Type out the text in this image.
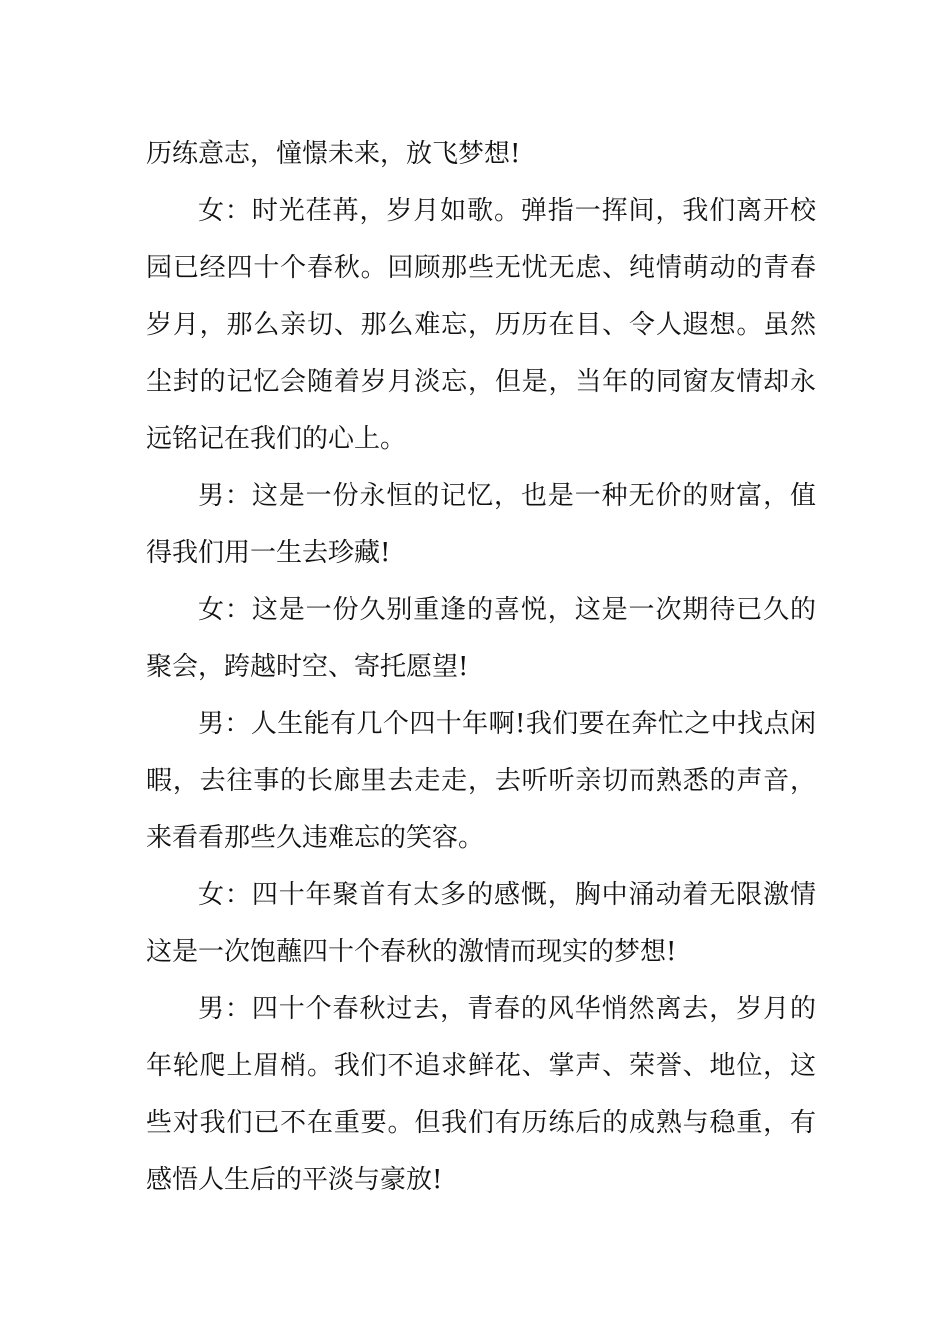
历练意志，憧憬未来，放飞梦想!
女：时光荏苒，岁月如歌。弹指一挥间，我们离开校
园已经四十个春秋。回顾那些无忧无虑、纯情萌动的青春
岁月，那么亲切、那么难忘，历历在目、令人遐想。虽然
尘封的记忆会随着岁月淡忘，但是，当年的同窗友情却永
远铭记在我们的心上。
男：这是一份永恒的记忆，也是一种无价的财富，值
得我们用一生去珍藏!
女：这是一份久别重逢的喜悦，这是一次期待已久的
聚会，跨越时空、寄托愿望!
男：人生能有几个四十年啊!我们要在奔忙之中找点闲
暇，去往事的长廊里去走走，去听听亲切而熟悉的声音，
来看看那些久违难忘的笑容。
女：四十年聚首有太多的感慨，胸中涌动着无限激情
这是一次饱蘸四十个春秋的激情而现实的梦想!
男：四十个春秋过去，青春的风华悄然离去，岁月的
年轮爬上眉梢。我们不追求鲜花、掌声、荣誉、地位，这
些对我们已不在重要。但我们有历练后的成熟与稳重，有
感悟人生后的平淡与豪放!
